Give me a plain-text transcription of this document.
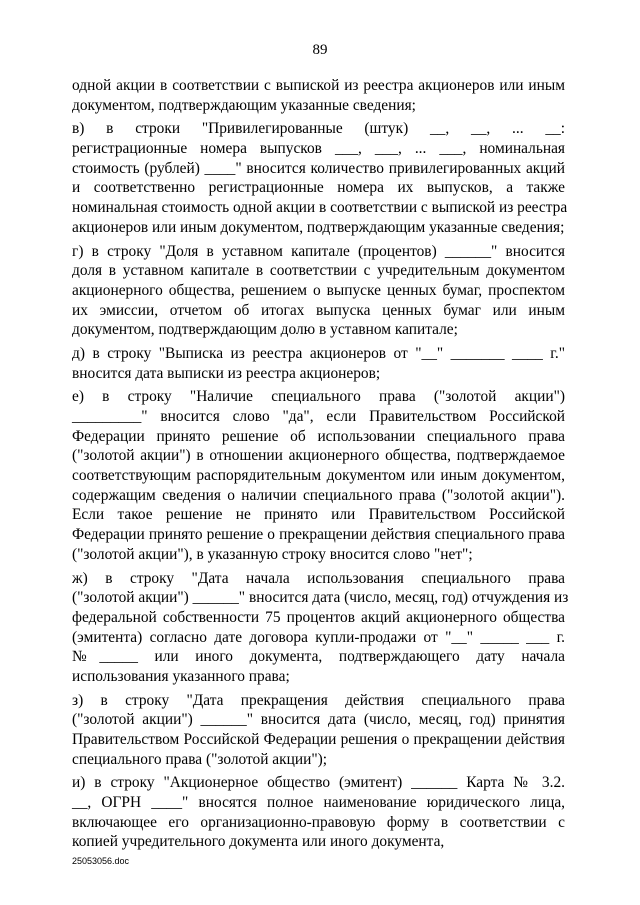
89
одной акции в соответствии с выпиской из реестра акционеров или иным
документом, подтверждающим указанные сведения;
в) в строки "Привилегированные (штук) __, __, ... __:
регистрационные номера выпусков ___, ___, ... ___, номинальная
стоимость (рублей) ____" вносится количество привилегированных акций
и соответственно регистрационные номера их выпусков, а также
номинальная стоимость одной акции в соответствии с выпиской из реестра
акционеров или иным документом, подтверждающим указанные сведения;
г) в строку "Доля в уставном капитале (процентов) ______" вносится
доля в уставном капитале в соответствии с учредительным документом
акционерного общества, решением о выпуске ценных бумаг, проспектом
их эмиссии, отчетом об итогах выпуска ценных бумаг или иным
документом, подтверждающим долю в уставном капитале;
д) в строку "Выписка из реестра акционеров от "__" _______ ____ г."
вносится дата выписки из реестра акционеров;
е) в строку "Наличие специального права ("золотой акции")
_________" вносится слово "да", если Правительством Российской
Федерации принято решение об использовании специального права
("золотой акции") в отношении акционерного общества, подтверждаемое
соответствующим распорядительным документом или иным документом,
содержащим сведения о наличии специального права ("золотой акции").
Если такое решение не принято или Правительством Российской
Федерации принято решение о прекращении действия специального права
("золотой акции"), в указанную строку вносится слово "нет";
ж) в строку "Дата начала использования специального права
("золотой акции") ______" вносится дата (число, месяц, год) отчуждения из
федеральной собственности 75 процентов акций акционерного общества
(эмитента) согласно дате договора купли-продажи от "__" _____ ___ г.
№_____ или иного документа, подтверждающего дату начала
использования указанного права;
з) в строку "Дата прекращения действия специального права
("золотой акции") ______" вносится дата (число, месяц, год) принятия
Правительством Российской Федерации решения о прекращении действия
специального права ("золотой акции");
и) в строку "Акционерное общество (эмитент) ______ Карта № 3.2.
__, ОГРН ____" вносятся полное наименование юридического лица,
включающее его организационно-правовую форму в соответствии с
копией учредительного документа или иного документа,
25053056.doc
